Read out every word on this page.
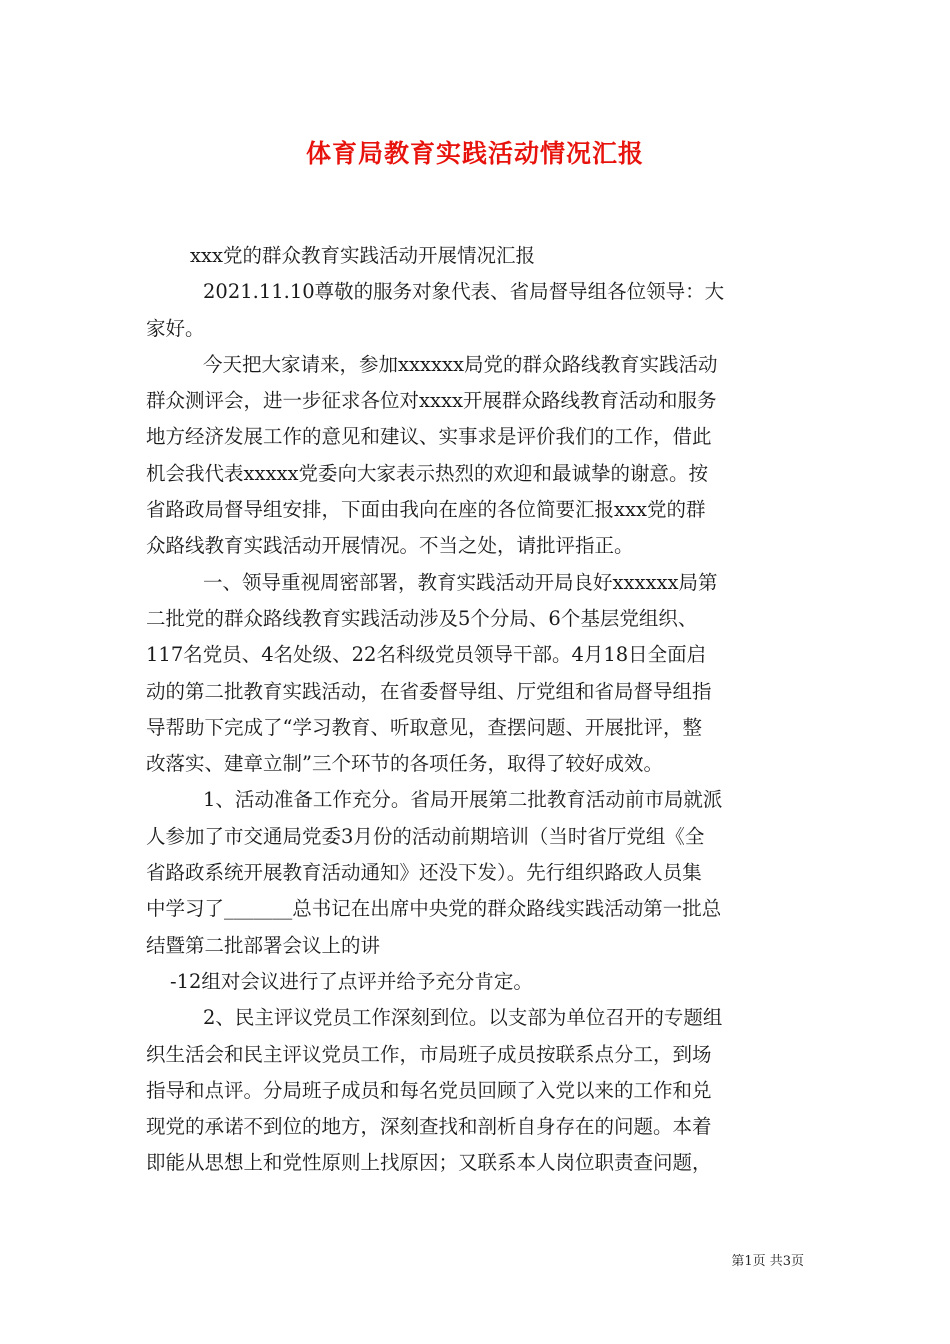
体育局教育实践活动情况汇报
xxx党的群众教育实践活动开展情况汇报
2021.11.10尊敬的服务对象代表、省局督导组各位领导：大
家好。
今天把大家请来，参加xxxxxx局党的群众路线教育实践活动
群众测评会，进一步征求各位对xxxx开展群众路线教育活动和服务
地方经济发展工作的意见和建议、实事求是评价我们的工作，借此
机会我代表xxxxx党委向大家表示热烈的欢迎和最诚挚的谢意。按
省路政局督导组安排，下面由我向在座的各位简要汇报xxx党的群
众路线教育实践活动开展情况。不当之处，请批评指正。
一、领导重视周密部署，教育实践活动开局良好xxxxxx局第
二批党的群众路线教育实践活动涉及5个分局、6个基层党组织、
117名党员、4名处级、22名科级党员领导干部。4月18日全面启
动的第二批教育实践活动，在省委督导组、厅党组和省局督导组指
导帮助下完成了“学习教育、听取意见，查摆问题、开展批评，整
改落实、建章立制”三个环节的各项任务，取得了较好成效。
1、活动准备工作充分。省局开展第二批教育活动前市局就派
人参加了市交通局党委3月份的活动前期培训（当时省厅党组《全
省路政系统开展教育活动通知》还没下发）。先行组织路政人员集
中学习了_______总书记在出席中央党的群众路线实践活动第一批总
结暨第二批部署会议上的讲
-12组对会议进行了点评并给予充分肯定。
2、民主评议党员工作深刻到位。以支部为单位召开的专题组
织生活会和民主评议党员工作，市局班子成员按联系点分工，到场
指导和点评。分局班子成员和每名党员回顾了入党以来的工作和兑
现党的承诺不到位的地方，深刻查找和剖析自身存在的问题。本着
即能从思想上和党性原则上找原因；又联系本人岗位职责查问题，
第1页 共3页
